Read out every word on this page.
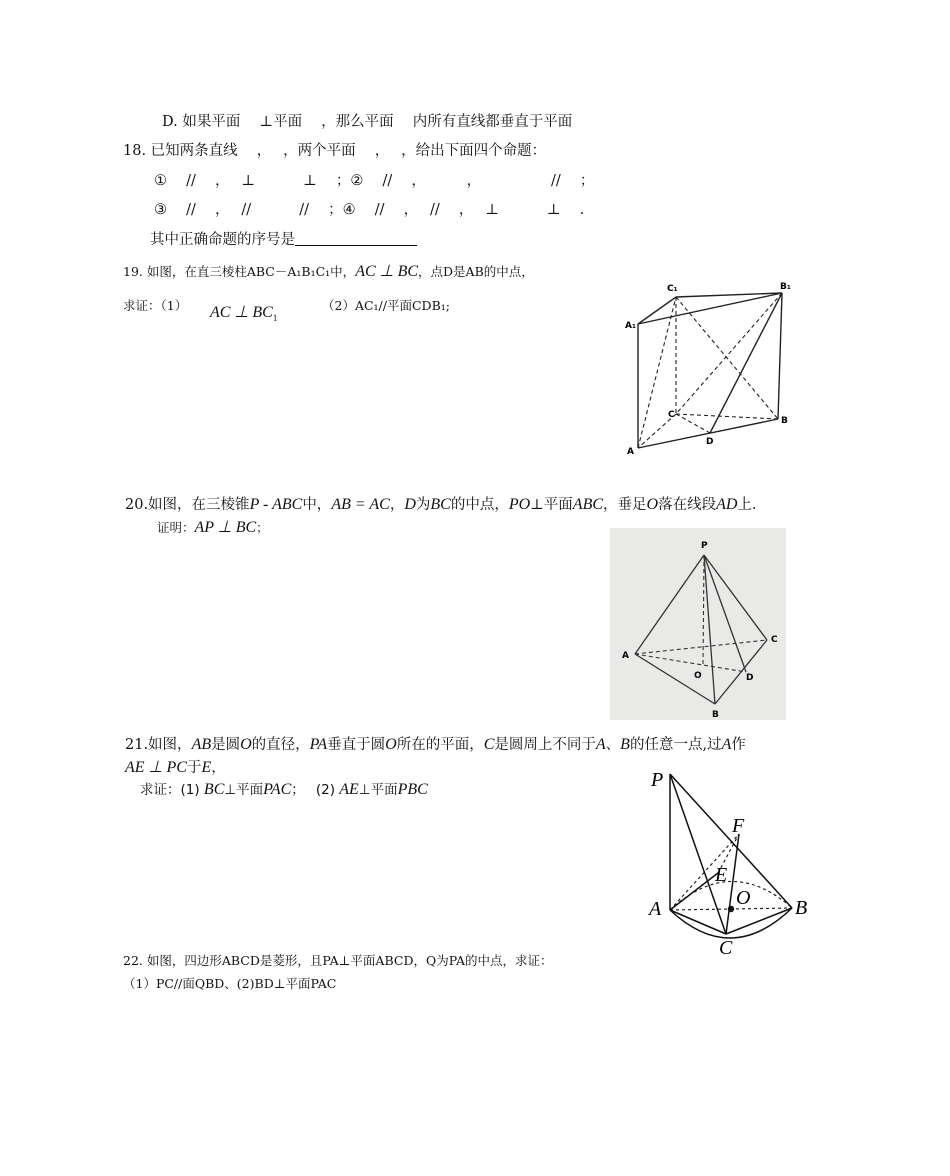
D. 如果平面　 ⊥平面　 ，那么平面　 内所有直线都垂直于平面
18. 已知两条直线　 ，　 ，两个平面　 ，　 ，给出下面四个命题：
①　 //　 ，　 ⊥　　　 ⊥　 ；②　 //　 ，　　　 ，　　　　　 //　 ；
③　 //　 ，　 //　　　 //　 ；④　 //　 ，　 //　 ，　 ⊥　　　 ⊥　 .
其中正确命题的序号是
19. 如图，在直三棱柱ABC－A₁B₁C₁中，AC ⊥ BC，点D是AB的中点，
求证：（1） AC ⊥ $BC_1$
（2）AC₁//平面CDB₁;
C₁	B₁
A₁
C
B
A
D
20.如图，在三棱锥P - ABC中，AB = AC，D为BC的中点，PO⊥平面ABC，垂足O落在线段AD上.
证明：AP ⊥ BC；
P
A
C
O	D
B
21.如图，AB是圆O的直径，PA垂直于圆O所在的平面，C是圆周上不同于A、B的任意一点,过A作
AE ⊥ PC于E，
求证：(1) BC⊥平面PAC；　 (2) AE⊥平面PBC	P
F
E
A	O B
C
22. 如图，四边形ABCD是菱形，且PA⊥平面ABCD，Q为PA的中点，求证：
（1）PC//面QBD、(2)BD⊥平面PAC
